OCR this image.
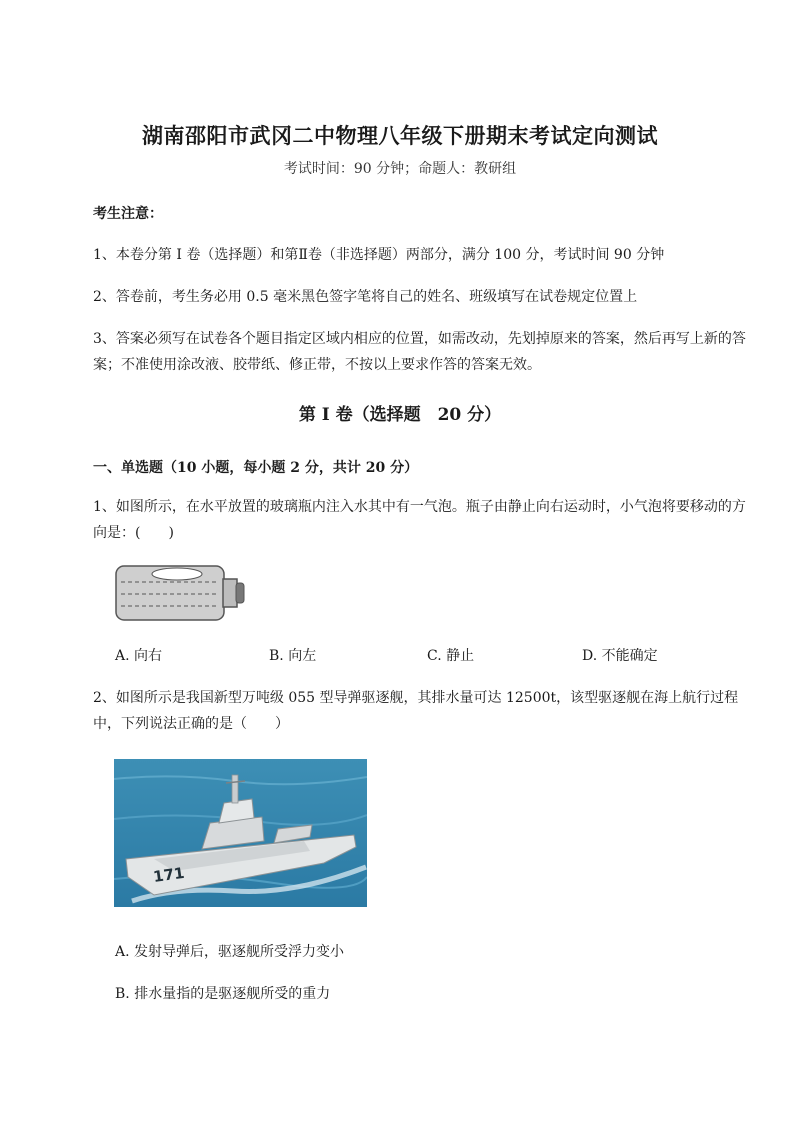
湖南邵阳市武冈二中物理八年级下册期末考试定向测试
考试时间：90 分钟；命题人：教研组
考生注意：
1、本卷分第 I 卷（选择题）和第Ⅱ卷（非选择题）两部分，满分 100 分，考试时间 90 分钟
2、答卷前，考生务必用 0.5 毫米黑色签字笔将自己的姓名、班级填写在试卷规定位置上
3、答案必须写在试卷各个题目指定区域内相应的位置，如需改动，先划掉原来的答案，然后再写上新的答案；不准使用涂改液、胶带纸、修正带，不按以上要求作答的答案无效。
第 I 卷（选择题　20 分）
一、单选题（10 小题，每小题 2 分，共计 20 分）
1、如图所示，在水平放置的玻璃瓶内注入水其中有一气泡。瓶子由静止向右运动时，小气泡将要移动的方向是：(　　)
A. 向右	B. 向左	C. 静止	D. 不能确定
2、如图所示是我国新型万吨级 055 型导弹驱逐舰，其排水量可达 12500t，该型驱逐舰在海上航行过程中，下列说法正确的是（　　）
171
A. 发射导弹后，驱逐舰所受浮力变小
B. 排水量指的是驱逐舰所受的重力
